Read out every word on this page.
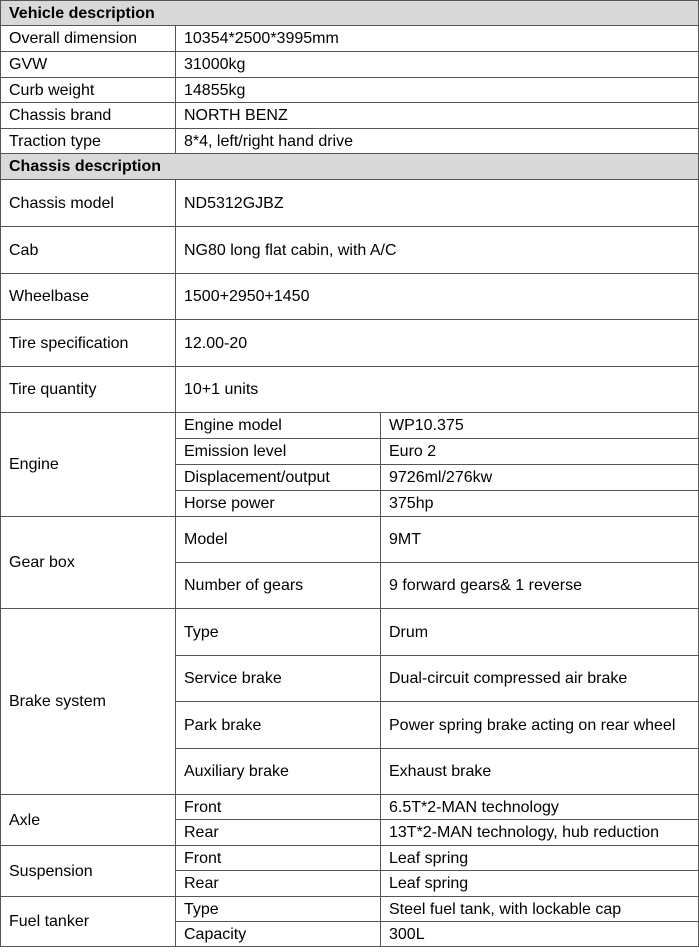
Vehicle description		
Overall dimension	10354*2500*3995mm	
GVW	31000kg	
Curb weight	14855kg	
Chassis brand	NORTH BENZ	
Traction type	8*4, left/right hand drive	
Chassis description		
Chassis model	ND5312GJBZ	
Cab	NG80 long flat cabin, with A/C	
Wheelbase	1500+2950+1450	
Tire specification	12.00-20	
Tire quantity	10+1 units	
Engine	Engine model	WP10.375
	Emission level	Euro 2
	Displacement/output	9726ml/276kw
	Horse power	375hp
Gear box	Model	9MT
	Number of gears	9 forward gears& 1 reverse
Brake system	Type	Drum
	Service brake	Dual-circuit compressed air brake
	Park brake	Power spring brake acting on rear wheel
	Auxiliary brake	Exhaust brake
Axle	Front	6.5T*2-MAN technology
	Rear	13T*2-MAN technology, hub reduction
Suspension	Front	Leaf spring
	Rear	Leaf spring
Fuel tanker	Type	Steel fuel tank, with lockable cap
	Capacity	300L
